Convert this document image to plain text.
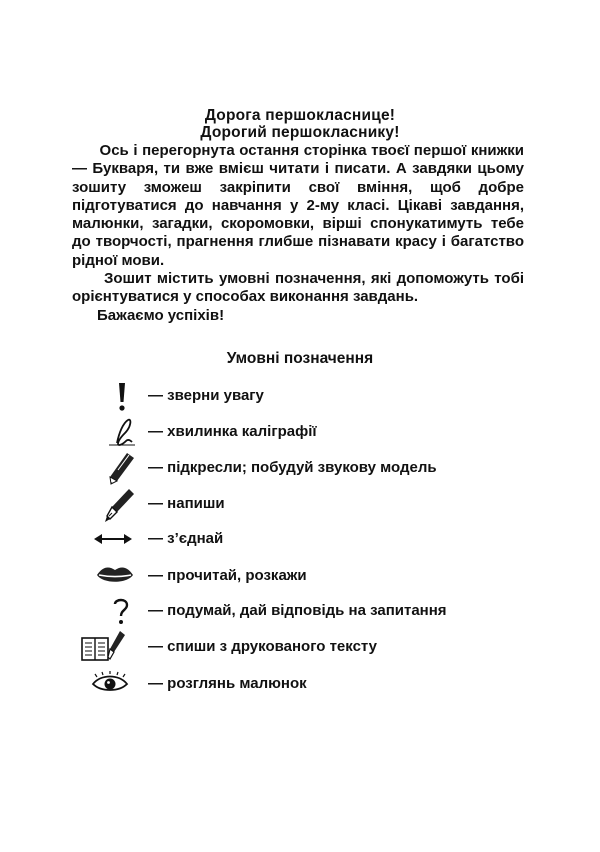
Дорога першокласнице!
Дорогий першокласнику!

Ось і перегорнута остання сторінка твоєї першої книжки — Букваря, ти вже вмієш читати і писати. А завдяки цьому зошиту зможеш закріпити свої вміння, щоб добре підготуватися до навчання у 2-му класі. Цікаві завдання, малюнки, загадки, скоромовки, вірші спонукатимуть тебе до творчості, прагнення глибше пізнавати красу і багатство рідної мови.

Зошит містить умовні позначення, які допоможуть тобі орієнтуватися у способах виконання завдань.

Бажаємо успіхів!

Умовні позначення
— зверни увагу
— хвилинка каліграфії
— підкресли; побудуй звукову модель
— напиши
— з’єднай
— прочитай, розкажи
— подумай, дай відповідь на запитання
— спиши з друкованого тексту
— розглянь малюнок
